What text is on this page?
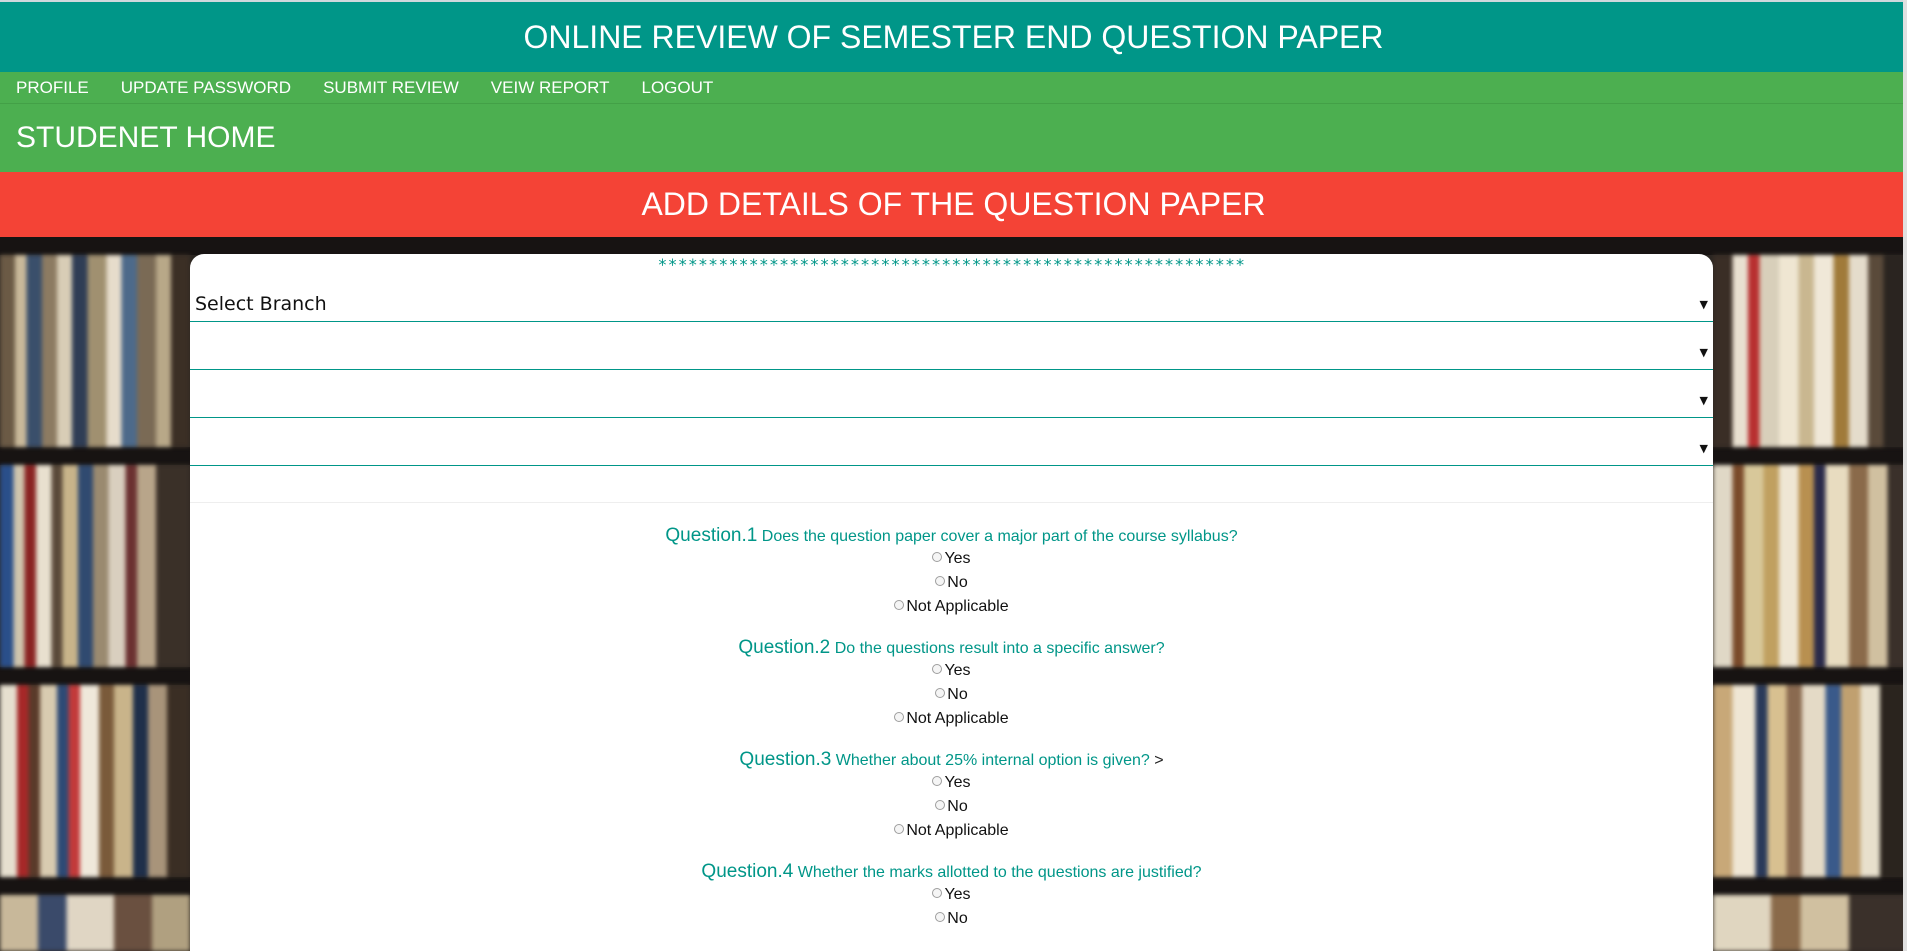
ONLINE REVIEW OF SEMESTER END QUESTION PAPER
PROFILE	UPDATE PASSWORD	SUBMIT REVIEW	VEIW REPORT	LOGOUT
STUDENET HOME
ADD DETAILS OF THE QUESTION PAPER
**********************************************************
Select Branch	▼
▼
▼
▼
Question.1 Does the question paper cover a major part of the course syllabus?
Yes
No
Not Applicable
Question.2 Do the questions result into a specific answer?
Yes
No
Not Applicable
Question.3 Whether about 25% internal option is given? >
Yes
No
Not Applicable
Question.4 Whether the marks allotted to the questions are justified?
Yes
No
